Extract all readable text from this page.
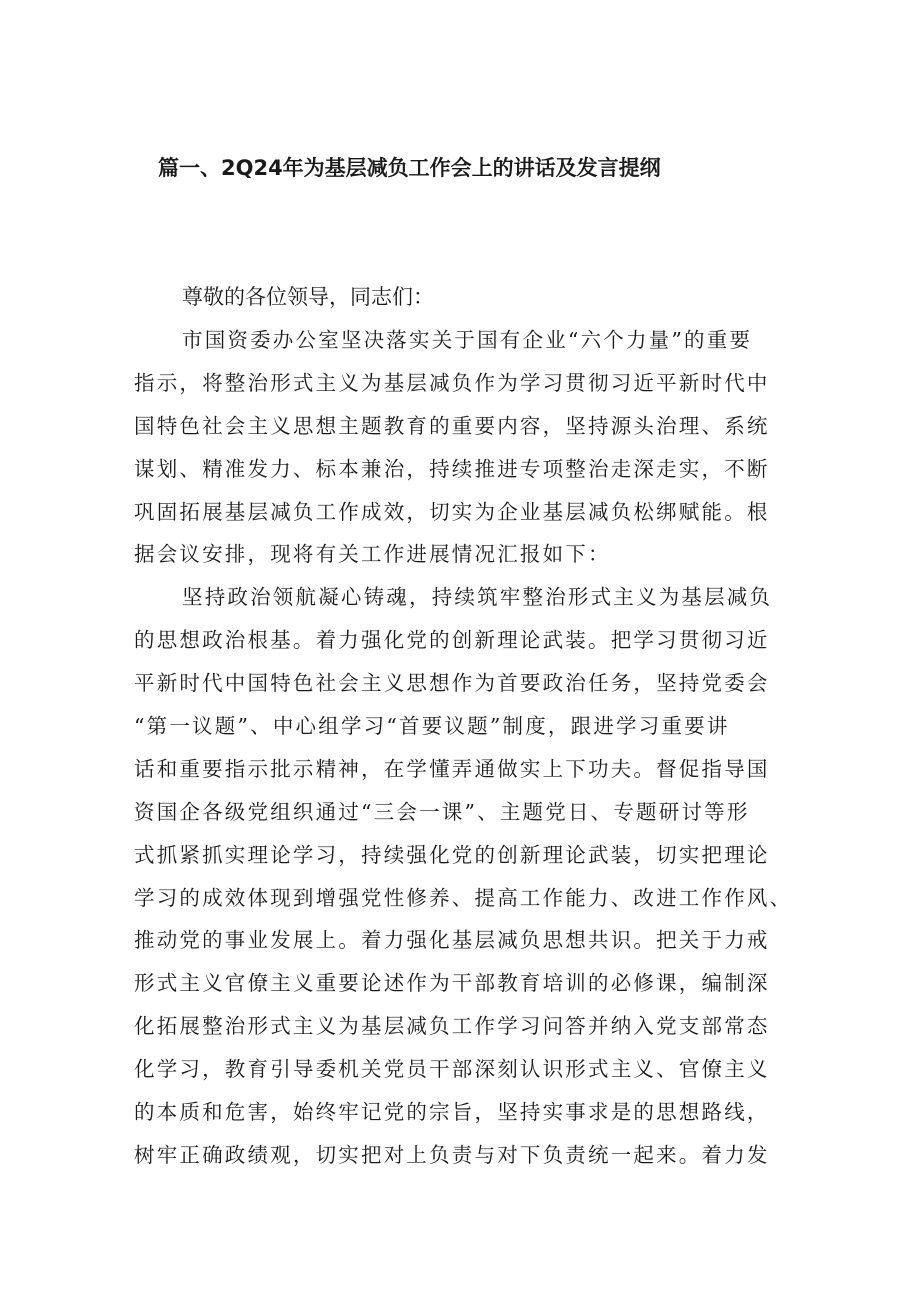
篇一、2Q24年为基层减负工作会上的讲话及发言提纲

尊敬的各位领导，同志们：

市国资委办公室坚决落实关于国有企业“六个力量”的重要
指示，将整治形式主义为基层减负作为学习贯彻习近平新时代中
国特色社会主义思想主题教育的重要内容，坚持源头治理、系统
谋划、精准发力、标本兼治，持续推进专项整治走深走实，不断
巩固拓展基层减负工作成效，切实为企业基层减负松绑赋能。根
据会议安排，现将有关工作进展情况汇报如下：
坚持政治领航凝心铸魂，持续筑牢整治形式主义为基层减负
的思想政治根基。着力强化党的创新理论武装。把学习贯彻习近
平新时代中国特色社会主义思想作为首要政治任务，坚持党委会
“第一议题”、中心组学习“首要议题”制度，跟进学习重要讲
话和重要指示批示精神，在学懂弄通做实上下功夫。督促指导国
资国企各级党组织通过“三会一课”、主题党日、专题研讨等形
式抓紧抓实理论学习，持续强化党的创新理论武装，切实把理论
学习的成效体现到增强党性修养、提高工作能力、改进工作作风、
推动党的事业发展上。着力强化基层减负思想共识。把关于力戒
形式主义官僚主义重要论述作为干部教育培训的必修课，编制深
化拓展整治形式主义为基层减负工作学习问答并纳入党支部常态
化学习，教育引导委机关党员干部深刻认识形式主义、官僚主义
的本质和危害，始终牢记党的宗旨，坚持实事求是的思想路线，
树牢正确政绩观，切实把对上负责与对下负责统一起来。着力发
